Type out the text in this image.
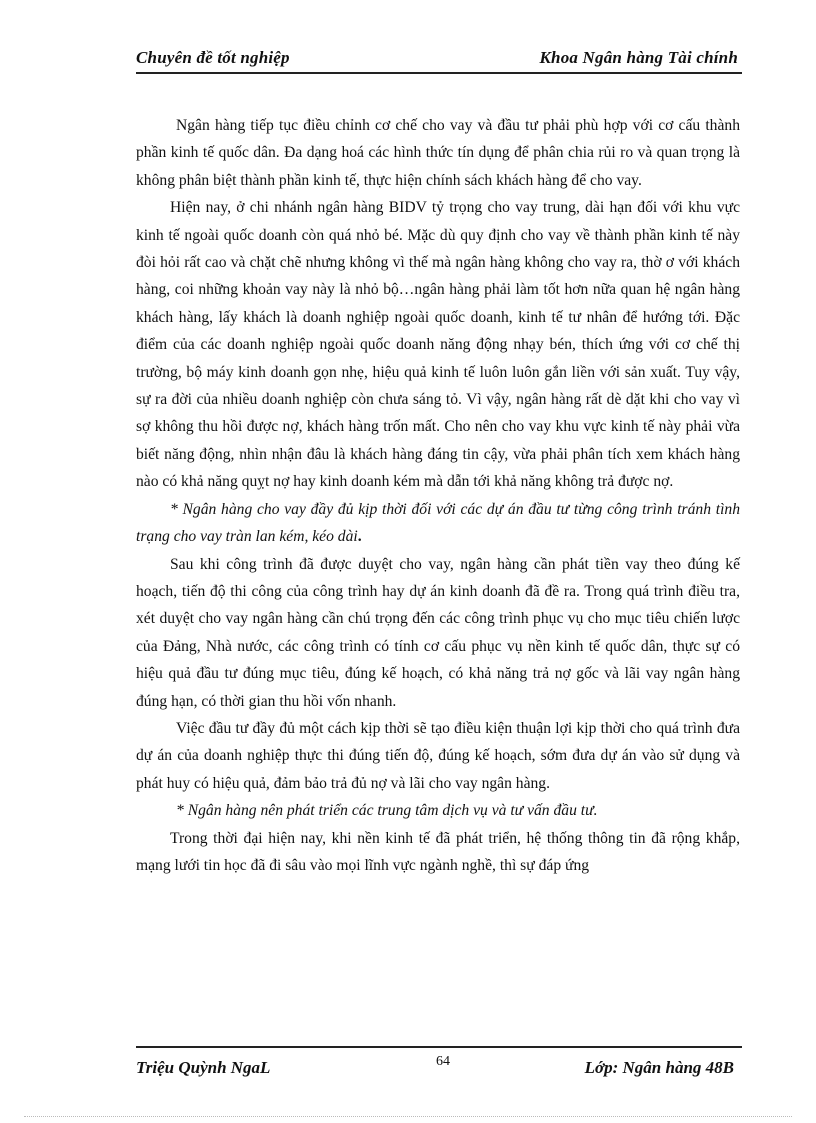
Chuyên đề tốt nghiệp	Khoa Ngân hàng Tài chính

Ngân hàng tiếp tục điều chỉnh cơ chế cho vay và đầu tư phải phù hợp với cơ cấu thành phần kinh tế quốc dân. Đa dạng hoá các hình thức tín dụng để phân chia rủi ro và quan trọng là không phân biệt thành phần kinh tế, thực hiện chính sách khách hàng để cho vay.

Hiện nay, ở chi nhánh ngân hàng BIDV tỷ trọng cho vay trung, dài hạn đối với khu vực kinh tế ngoài quốc doanh còn quá nhỏ bé. Mặc dù quy định cho vay về thành phần kinh tế này đòi hỏi rất cao và chặt chẽ nhưng không vì thế mà ngân hàng không cho vay ra, thờ ơ với khách hàng, coi những khoản vay này là nhỏ bộ…ngân hàng phải làm tốt hơn nữa quan hệ ngân hàng khách hàng, lấy khách là doanh nghiệp ngoài quốc doanh, kinh tế tư nhân để hướng tới. Đặc điểm của các doanh nghiệp ngoài quốc doanh năng động nhạy bén, thích ứng với cơ chế thị trường, bộ máy kinh doanh gọn nhẹ, hiệu quả kinh tế luôn luôn gắn liền với sản xuất. Tuy vậy, sự ra đời của nhiều doanh nghiệp còn chưa sáng tỏ. Vì vậy, ngân hàng rất dè dặt khi cho vay vì sợ không thu hồi được nợ, khách hàng trốn mất. Cho nên cho vay khu vực kinh tế này phải vừa biết năng động, nhìn nhận đâu là khách hàng đáng tin cậy, vừa phải phân tích xem khách hàng nào có khả năng quỵt nợ hay kinh doanh kém mà dẫn tới khả năng không trả được nợ.

* Ngân hàng cho vay đầy đủ kịp thời đối với các dự án đầu tư từng công trình tránh tình trạng cho vay tràn lan kém, kéo dài.

Sau khi công trình đã được duyệt cho vay, ngân hàng cần phát tiền vay theo đúng kế hoạch, tiến độ thi công của công trình hay dự án kinh doanh đã đề ra. Trong quá trình điều tra, xét duyệt cho vay ngân hàng cần chú trọng đến các công trình phục vụ cho mục tiêu chiến lược của Đảng, Nhà nước, các công trình có tính cơ cấu phục vụ nền kinh tế quốc dân, thực sự có hiệu quả đầu tư đúng mục tiêu, đúng kế hoạch, có khả năng trả nợ gốc và lãi vay ngân hàng đúng hạn, có thời gian thu hồi vốn nhanh.

Việc đầu tư đầy đủ một cách kịp thời sẽ tạo điều kiện thuận lợi kịp thời cho quá trình đưa dự án của doanh nghiệp thực thi đúng tiến độ, đúng kế hoạch, sớm đưa dự án vào sử dụng và phát huy có hiệu quả, đảm bảo trả đủ nợ và lãi cho vay ngân hàng.

* Ngân hàng nên phát triển các trung tâm dịch vụ và tư vấn đầu tư.

Trong thời đại hiện nay, khi nền kinh tế đã phát triển, hệ thống thông tin đã rộng khắp, mạng lưới tin học đã đi sâu vào mọi lĩnh vực ngành nghề, thì sự đáp ứng

Triệu Quỳnh NgaL	64	Lớp: Ngân hàng 48B
